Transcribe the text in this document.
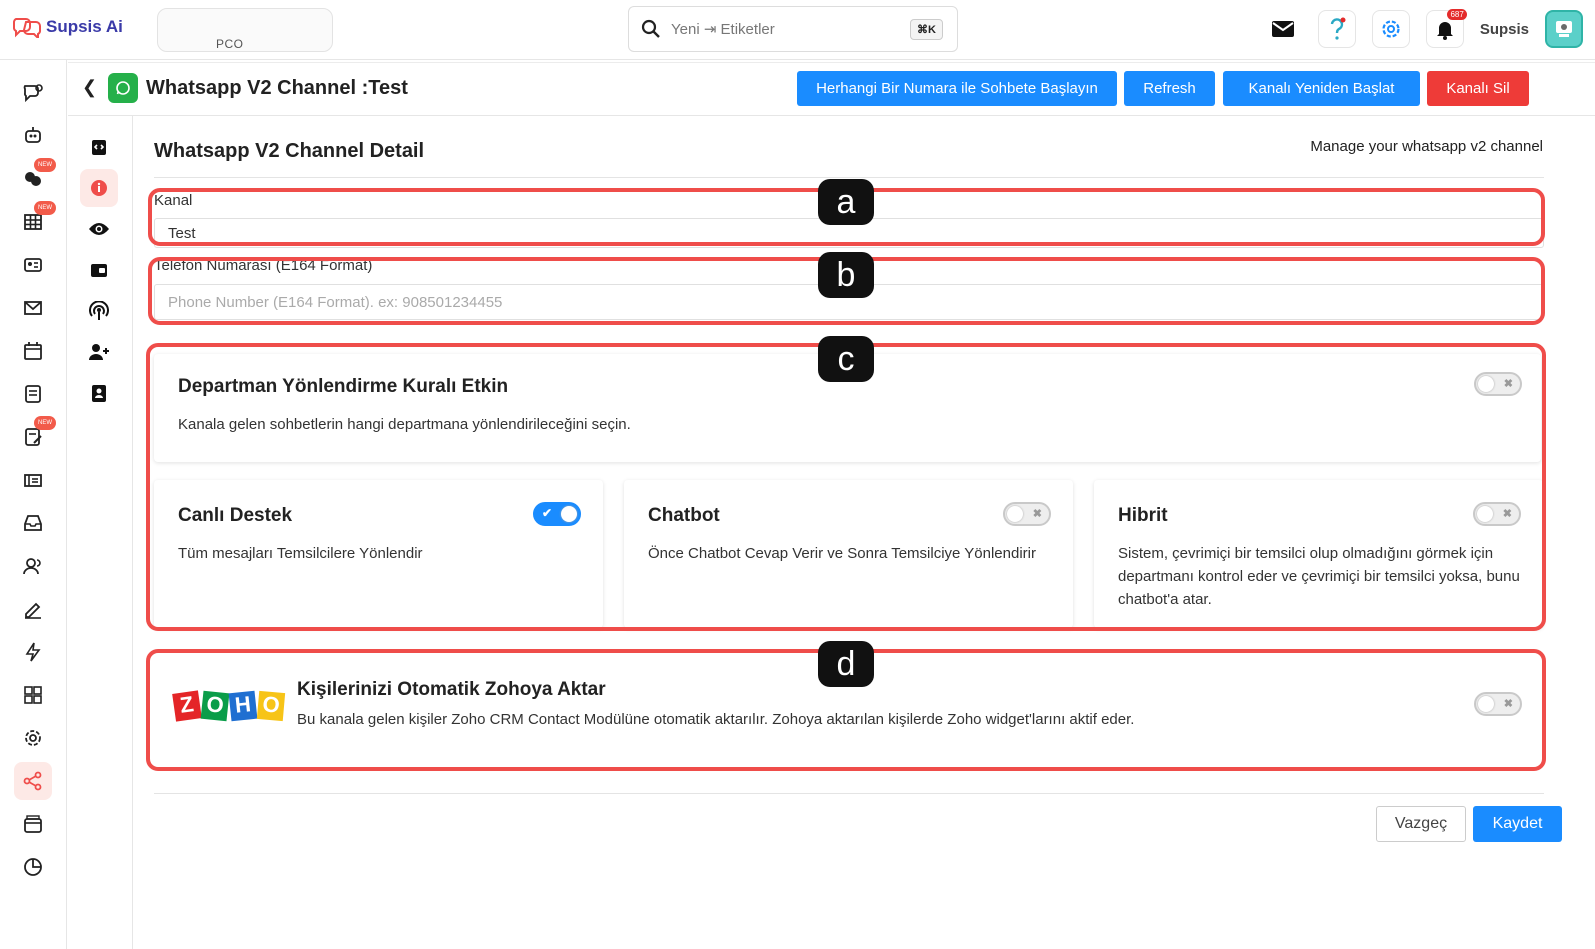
Supsis Ai
PCO
Yeni ⇥ Etiketler	⌘K
687
Supsis
NEW
NEW
NEW
❮ Whatsapp V2 Channel :Test	Herhangi Bir Numara ile Sohbete Başlayın	Refresh	Kanalı Yeniden Başlat	Kanalı Sil
Whatsapp V2 Channel Detail	Manage your whatsapp v2 channel
Kanal
Test
a
Telefon Numarası (E164 Format)
Phone Number (E164 Format). ex: 908501234455
b
Departman Yönlendirme Kuralı Etkin
Kanala gelen sohbetlerin hangi departmana yönlendirileceğini seçin.
✖
Canlı Destek
Tüm mesajları Temsilcilere Yönlendir
✔	Chatbot
Önce Chatbot Cevap Verir ve Sonra Temsilciye Yönlendirir
✖	Hibrit
Sistem, çevrimiçi bir temsilci olup olmadığını görmek için departmanı kontrol eder ve çevrimiçi bir temsilci yoksa, bunu chatbot'a atar.
✖
c
Z O H O
Kişilerinizi Otomatik Zohoya Aktar
Bu kanala gelen kişiler Zoho CRM Contact Modülüne otomatik aktarılır. Zohoya aktarılan kişilerde Zoho widget'larını aktif eder.
✖
d
Vazgeç	Kaydet
